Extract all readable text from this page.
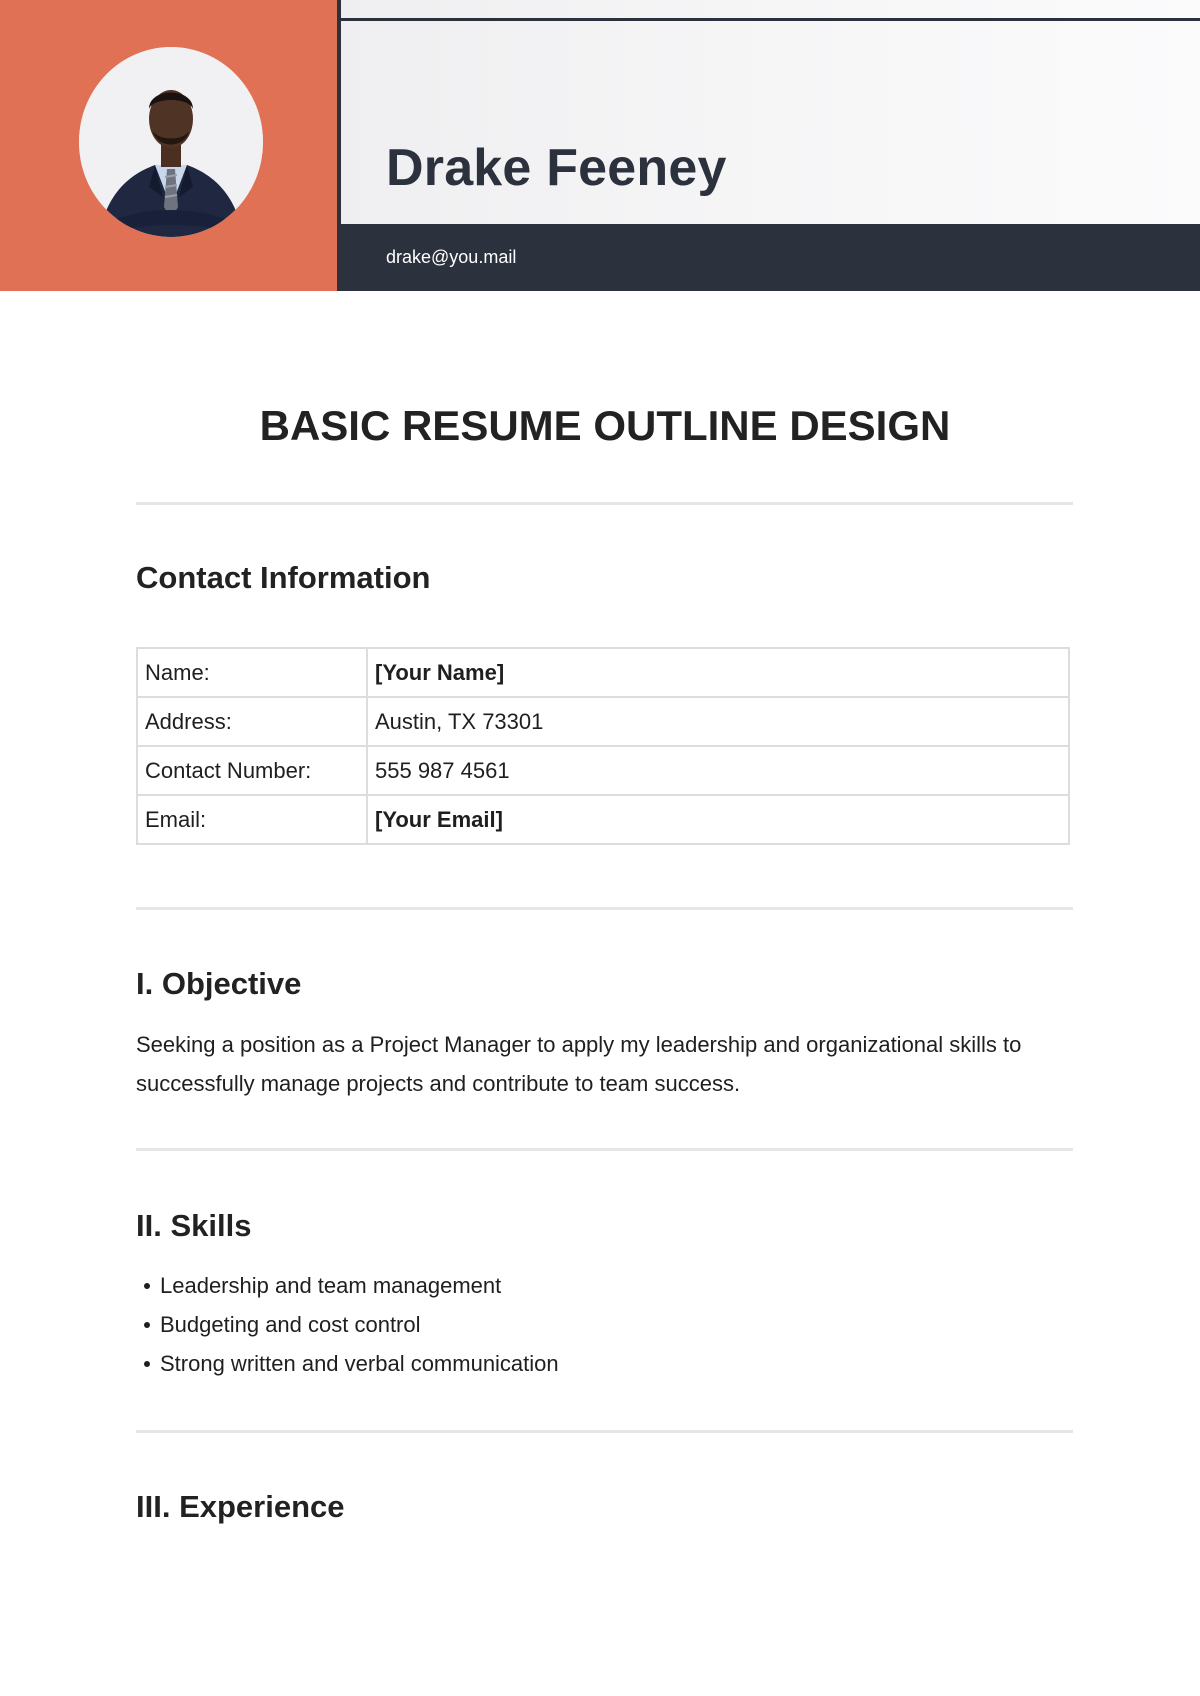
Drake Feeney
drake@you.mail
BASIC RESUME OUTLINE DESIGN
Contact Information
Name:	[Your Name]
Address:	Austin, TX 73301
Contact Number:	555 987 4561
Email:	[Your Email]
I. Objective

Seeking a position as a Project Manager to apply my leadership and organizational skills to successfully manage projects and contribute to team success.

II. Skills
Leadership and team management
Budgeting and cost control
Strong written and verbal communication
III. Experience
